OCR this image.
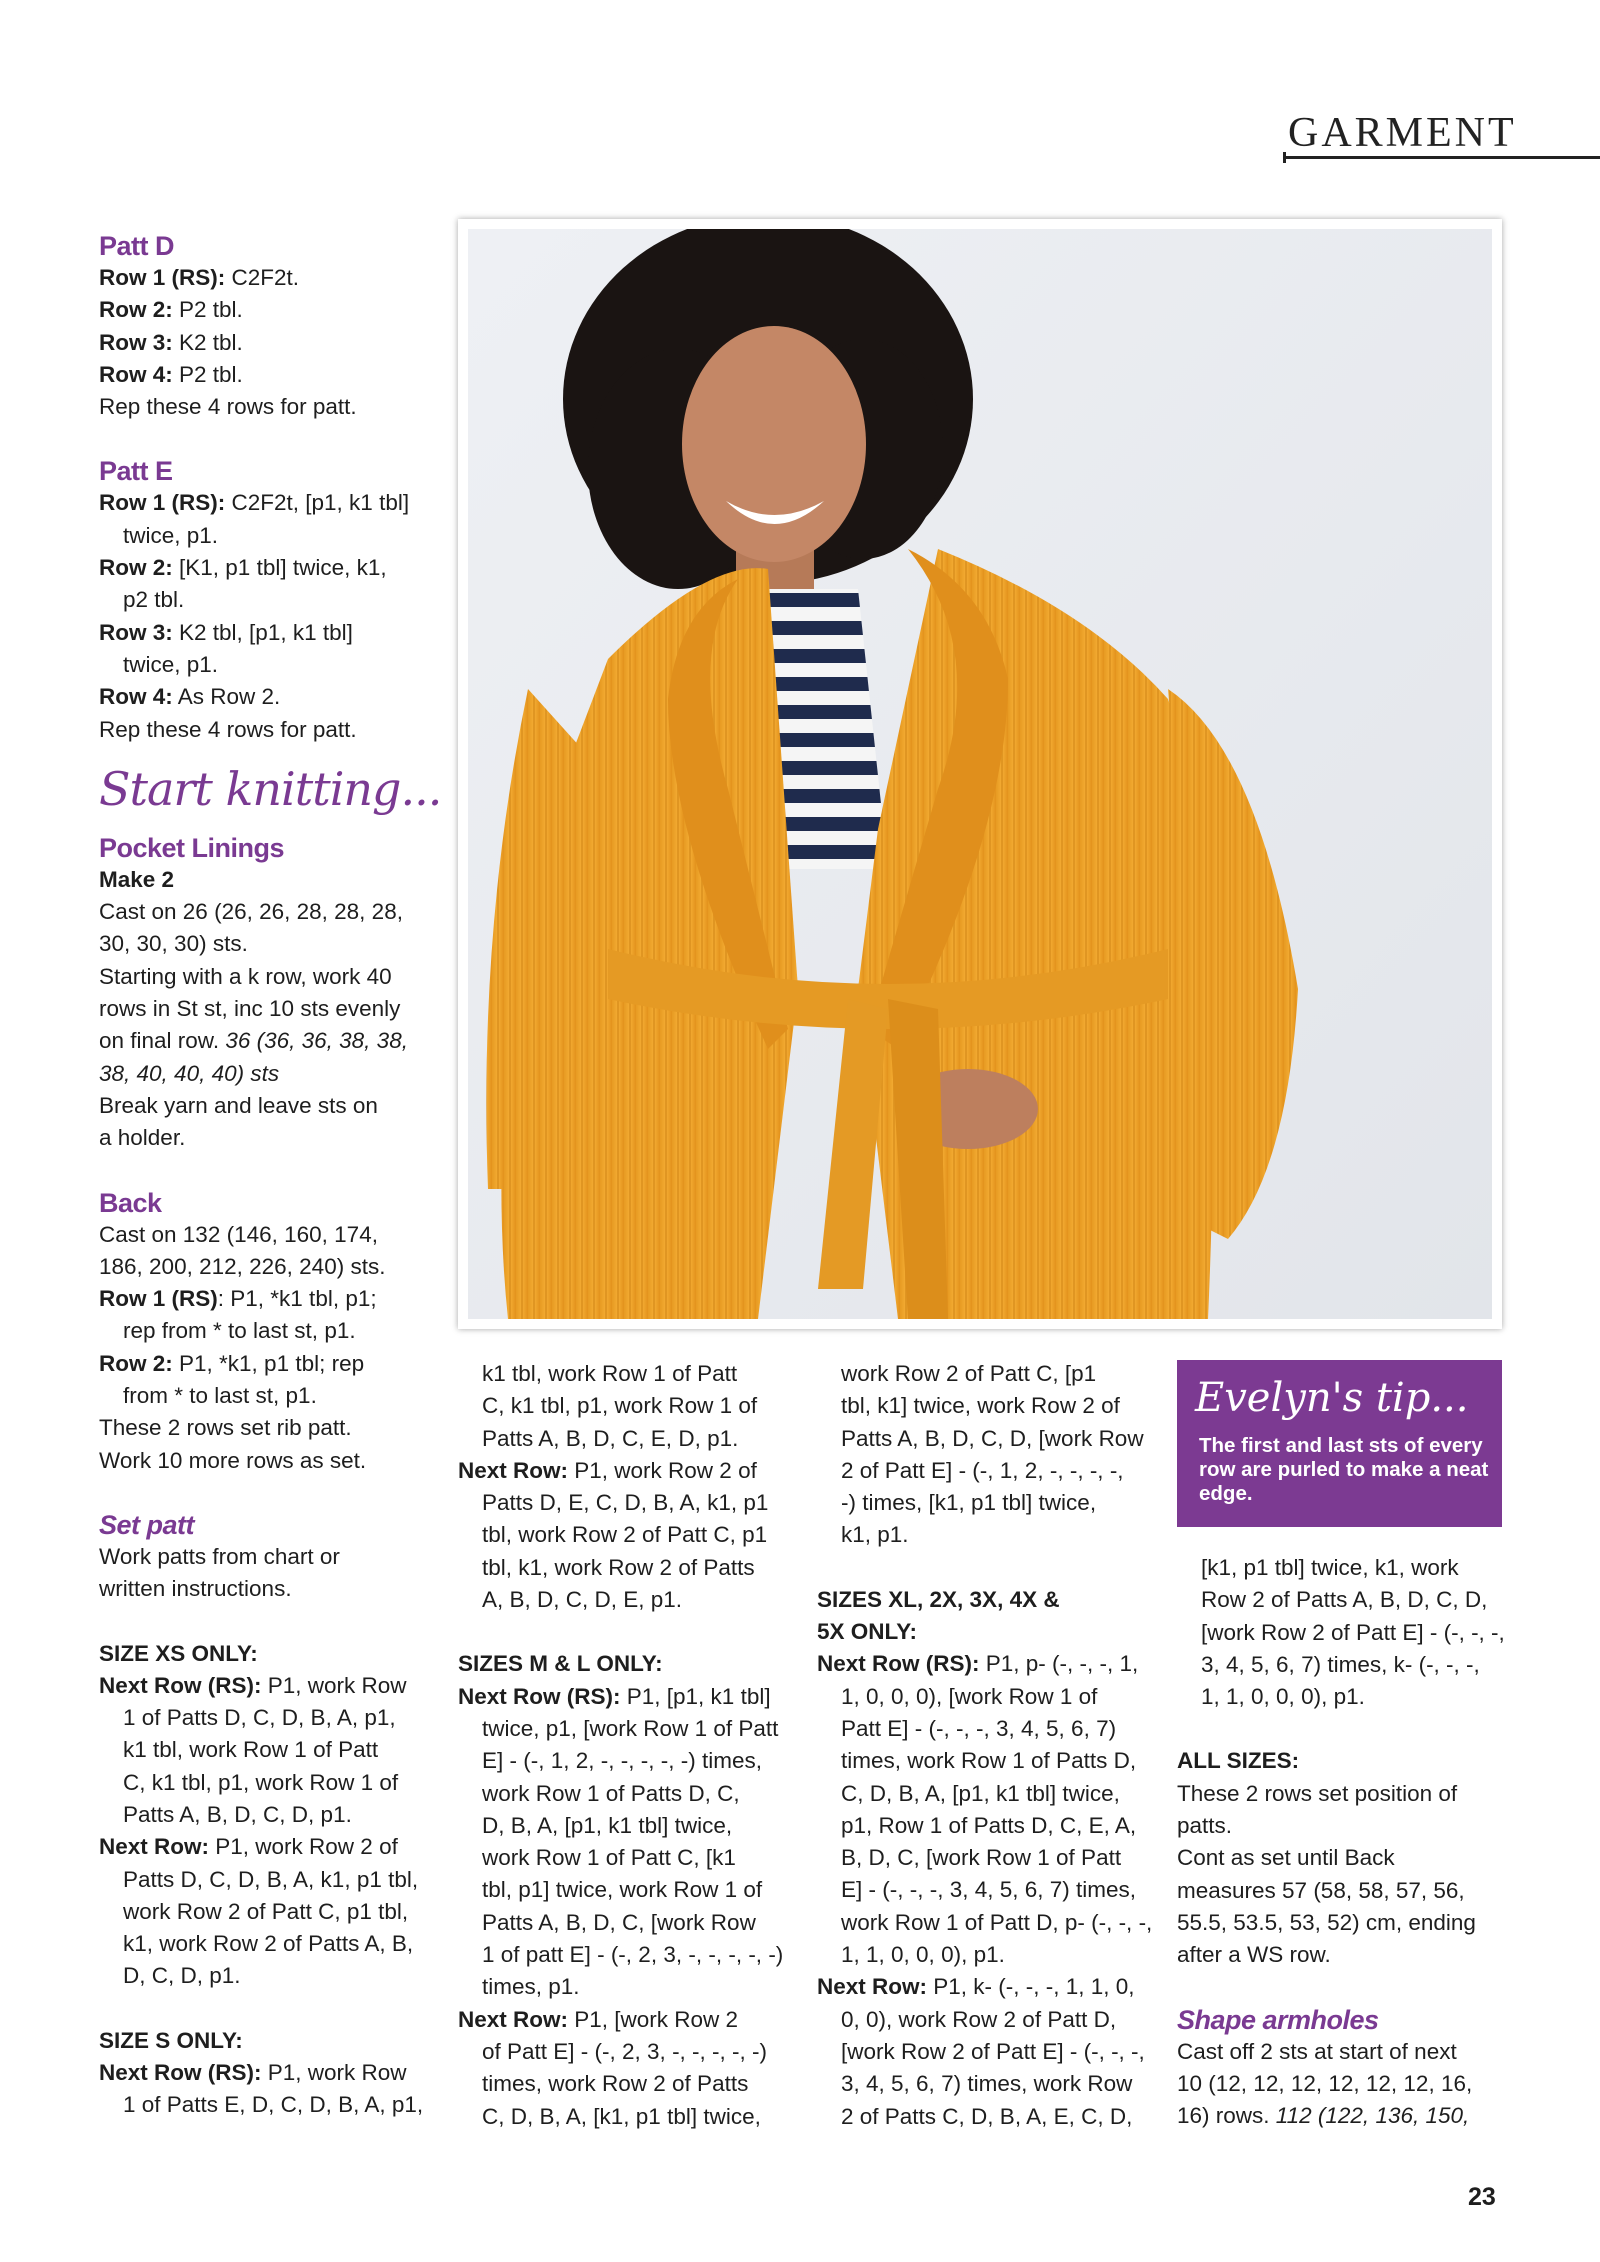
GARMENT

Patt D

Row 1 (RS): C2F2t.

Row 2: P2 tbl.

Row 3: K2 tbl.

Row 4: P2 tbl.

Rep these 4 rows for patt.

Patt E

Row 1 (RS): C2F2t, [p1, k1 tbl]

twice, p1.

Row 2: [K1, p1 tbl] twice, k1,

p2 tbl.

Row 3: K2 tbl, [p1, k1 tbl]

twice, p1.

Row 4: As Row 2.

Rep these 4 rows for patt.

Start knitting...

Pocket Linings

Make 2

Cast on 26 (26, 26, 28, 28, 28,

30, 30, 30) sts.

Starting with a k row, work 40

rows in St st, inc 10 sts evenly

on final row. 36 (36, 36, 38, 38,

38, 40, 40, 40) sts

Break yarn and leave sts on

a holder.

Back

Cast on 132 (146, 160, 174,

186, 200, 212, 226, 240) sts.

Row 1 (RS): P1, *k1 tbl, p1;

rep from * to last st, p1.

Row 2: P1, *k1, p1 tbl; rep

from * to last st, p1.

These 2 rows set rib patt.

Work 10 more rows as set.

Set patt

Work patts from chart or

written instructions.

SIZE XS ONLY:

Next Row (RS): P1, work Row

1 of Patts D, C, D, B, A, p1,

k1 tbl, work Row 1 of Patt

C, k1 tbl, p1, work Row 1 of

Patts A, B, D, C, D, p1.

Next Row: P1, work Row 2 of

Patts D, C, D, B, A, k1, p1 tbl,

work Row 2 of Patt C, p1 tbl,

k1, work Row 2 of Patts A, B,

D, C, D, p1.

SIZE S ONLY:

Next Row (RS): P1, work Row

1 of Patts E, D, C, D, B, A, p1,

k1 tbl, work Row 1 of Patt

C, k1 tbl, p1, work Row 1 of

Patts A, B, D, C, E, D, p1.

Next Row: P1, work Row 2 of

Patts D, E, C, D, B, A, k1, p1

tbl, work Row 2 of Patt C, p1

tbl, k1, work Row 2 of Patts

A, B, D, C, D, E, p1.

SIZES M & L ONLY:

Next Row (RS): P1, [p1, k1 tbl]

twice, p1, [work Row 1 of Patt

E] - (-, 1, 2, -, -, -, -, -) times,

work Row 1 of Patts D, C,

D, B, A, [p1, k1 tbl] twice,

work Row 1 of Patt C, [k1

tbl, p1] twice, work Row 1 of

Patts A, B, D, C, [work Row

1 of patt E] - (-, 2, 3, -, -, -, -, -)

times, p1.

Next Row: P1, [work Row 2

of Patt E] - (-, 2, 3, -, -, -, -, -)

times, work Row 2 of Patts

C, D, B, A, [k1, p1 tbl] twice,

work Row 2 of Patt C, [p1

tbl, k1] twice, work Row 2 of

Patts A, B, D, C, D, [work Row

2 of Patt E] - (-, 1, 2, -, -, -, -,

-) times, [k1, p1 tbl] twice,

k1, p1.

SIZES XL, 2X, 3X, 4X &

5X ONLY:

Next Row (RS): P1, p- (-, -, -, 1,

1, 0, 0, 0), [work Row 1 of

Patt E] - (-, -, -, 3, 4, 5, 6, 7)

times, work Row 1 of Patts D,

C, D, B, A, [p1, k1 tbl] twice,

p1, Row 1 of Patts D, C, E, A,

B, D, C, [work Row 1 of Patt

E] - (-, -, -, 3, 4, 5, 6, 7) times,

work Row 1 of Patt D, p- (-, -, -,

1, 1, 0, 0, 0), p1.

Next Row: P1, k- (-, -, -, 1, 1, 0,

0, 0), work Row 2 of Patt D,

[work Row 2 of Patt E] - (-, -, -,

3, 4, 5, 6, 7) times, work Row

2 of Patts C, D, B, A, E, C, D,

Evelyn's tip...
The first and last sts of every row are purled to make a neat edge.

[k1, p1 tbl] twice, k1, work

Row 2 of Patts A, B, D, C, D,

[work Row 2 of Patt E] - (-, -, -,

3, 4, 5, 6, 7) times, k- (-, -, -,

1, 1, 0, 0, 0), p1.

ALL SIZES:

These 2 rows set position of

patts.

Cont as set until Back

measures 57 (58, 58, 57, 56,

55.5, 53.5, 53, 52) cm, ending

after a WS row.

Shape armholes

Cast off 2 sts at start of next

10 (12, 12, 12, 12, 12, 12, 16,

16) rows. 112 (122, 136, 150,

23
